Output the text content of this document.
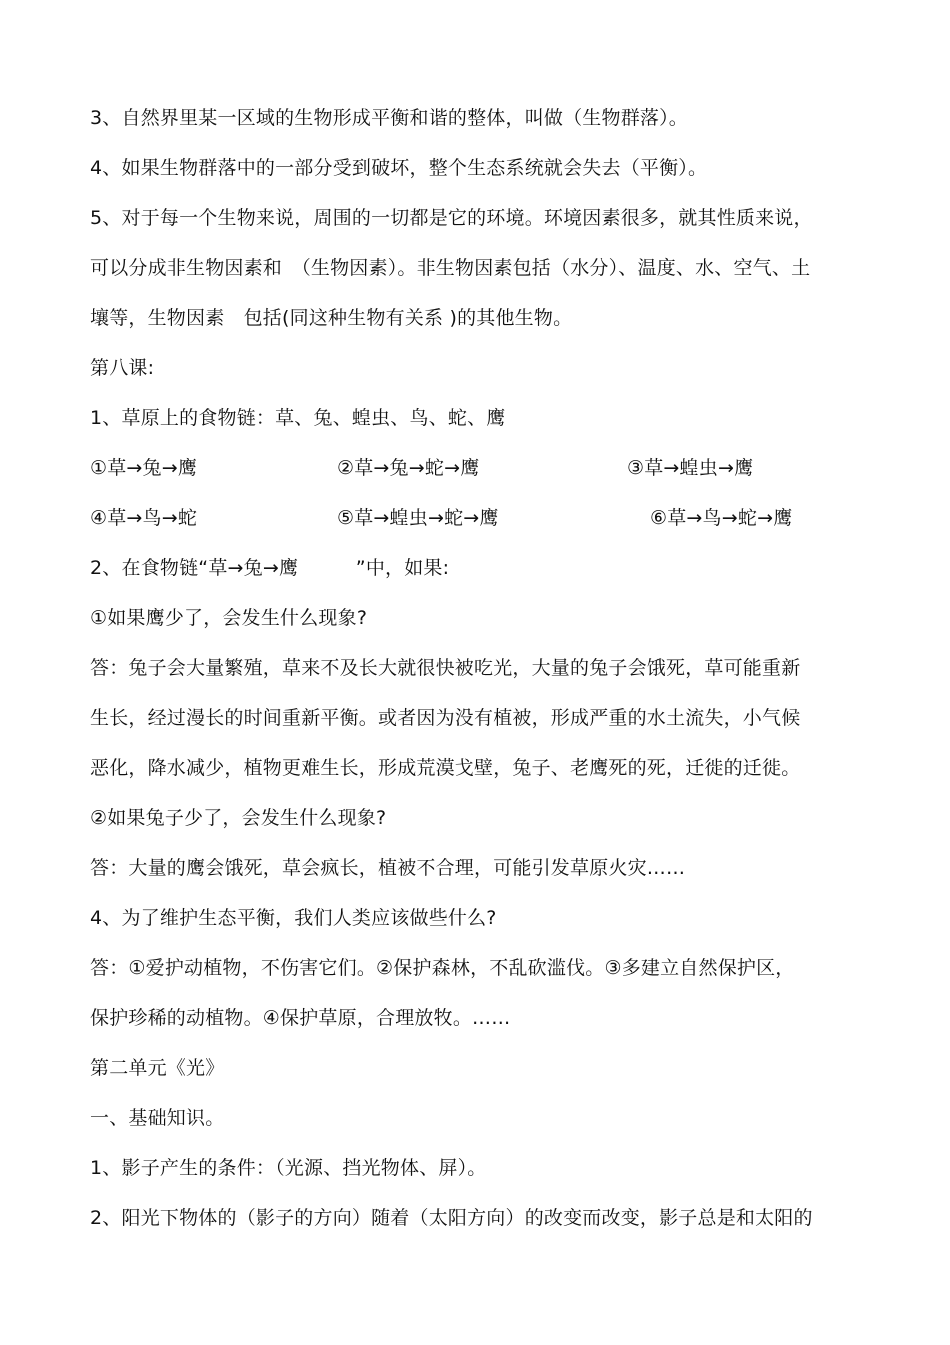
3、自然界里某一区域的生物形成平衡和谐的整体，叫做（生物群落）。
4、如果生物群落中的一部分受到破坏，整个生态系统就会失去（平衡）。
5、对于每一个生物来说，周围的一切都是它的环境。环境因素很多，就其性质来说，
可以分成非生物因素和　（生物因素）。非生物因素包括（水分）、温度、水、空气、土
壤等，生物因素　包括(同这种生物有关系 )的其他生物。
第八课:
1、草原上的食物链：草、兔、蝗虫、鸟、蛇、鹰
①草→兔→鹰	②草→兔→蛇→鹰	③草→蝗虫→鹰
④草→鸟→蛇	⑤草→蝗虫→蛇→鹰	⑥草→鸟→蛇→鹰
2、在食物链“草→兔→鹰　　　”中，如果:
①如果鹰少了，会发生什么现象?
答：兔子会大量繁殖，草来不及长大就很快被吃光，大量的兔子会饿死，草可能重新
生长，经过漫长的时间重新平衡。或者因为没有植被，形成严重的水土流失，小气候
恶化，降水减少，植物更难生长，形成荒漠戈壁，兔子、老鹰死的死，迁徙的迁徙。
②如果兔子少了，会发生什么现象?
答：大量的鹰会饿死，草会疯长，植被不合理，可能引发草原火灾……
4、为了维护生态平衡，我们人类应该做些什么?
答：①爱护动植物，不伤害它们。②保护森林，不乱砍滥伐。③多建立自然保护区，
保护珍稀的动植物。④保护草原，合理放牧。……
第二单元《光》
一、基础知识。
1、影子产生的条件：（光源、挡光物体、屏）。
2、阳光下物体的（影子的方向）随着（太阳方向）的改变而改变，影子总是和太阳的
